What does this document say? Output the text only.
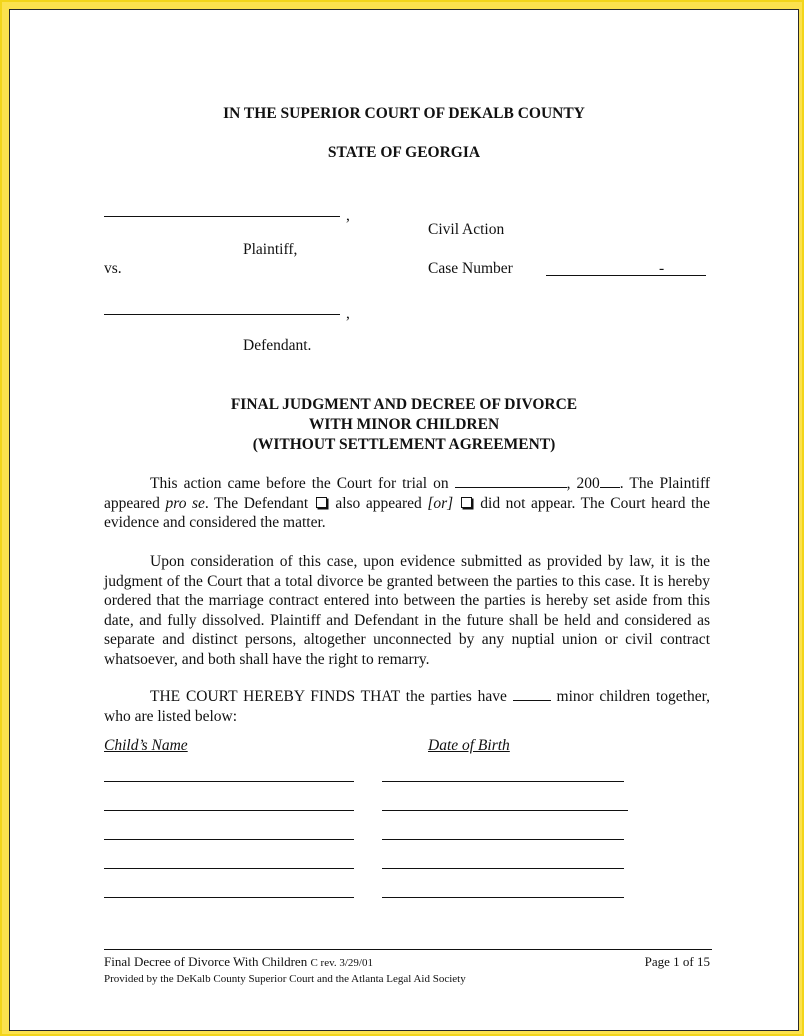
IN THE SUPERIOR COURT OF DEKALB COUNTY
STATE OF GEORGIA
,
Civil Action
Plaintiff,
vs.	Case Number	-
,
Defendant.
FINAL JUDGMENT AND DECREE OF DIVORCE
WITH MINOR CHILDREN
(WITHOUT SETTLEMENT AGREEMENT)
This action came before the Court for trial on	, 200 . The Plaintiff appeared pro se. The Defendant  also appeared [or]  did not appear. The Court heard the evidence and considered the matter.
Upon consideration of this case, upon evidence submitted as provided by law, it is the judgment of the Court that a total divorce be granted between the parties to this case. It is hereby ordered that the marriage contract entered into between the parties is hereby set aside from this date, and fully dissolved. Plaintiff and Defendant in the future shall be held and considered as separate and distinct persons, altogether unconnected by any nuptial union or civil contract whatsoever, and both shall have the right to remarry.
THE COURT HEREBY FINDS THAT the parties have  minor children together, who are listed below:
Child’s Name	Date of Birth
Final Decree of Divorce With Children C rev. 3/29/01	Page 1 of 15
Provided by the DeKalb County Superior Court and the Atlanta Legal Aid Society
